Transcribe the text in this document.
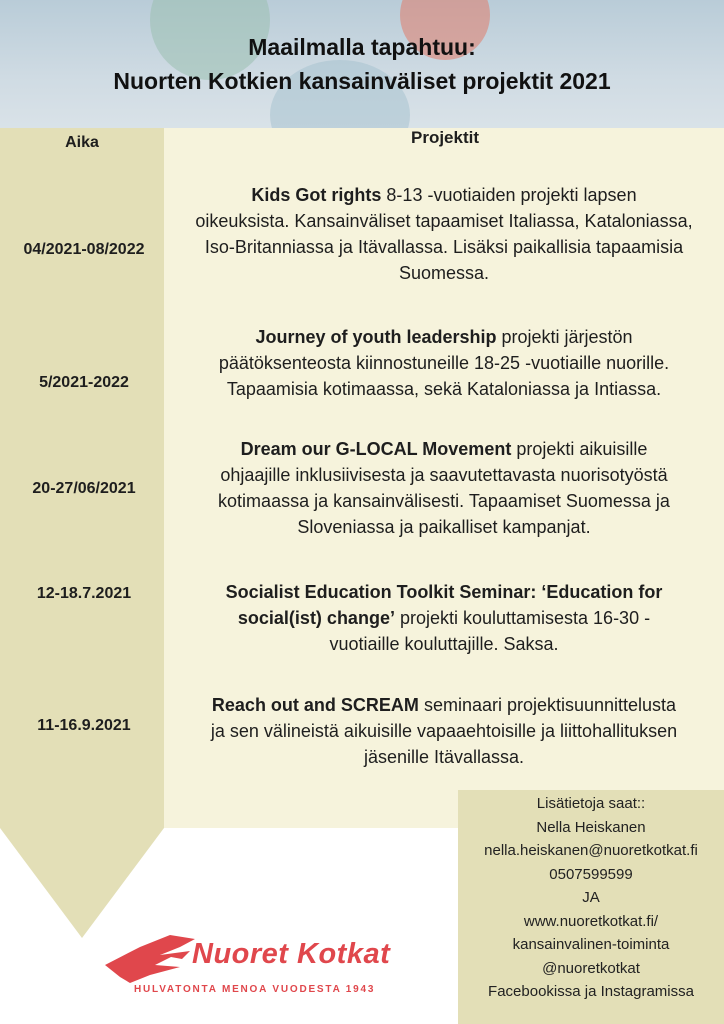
Maailmalla tapahtuu:
Nuorten Kotkien kansainväliset projektit 2021
Aika	Projektit
04/2021-08/2022
Kids Got rights 8-13 -vuotiaiden projekti lapsen
oikeuksista. Kansainväliset tapaamiset Italiassa, Kataloniassa,
Iso-Britanniassa ja Itävallassa. Lisäksi paikallisia tapaamisia
Suomessa.
5/2021-2022
Journey of youth leadership projekti järjestön
päätöksenteosta kiinnostuneille 18-25 -vuotiaille nuorille.
Tapaamisia kotimaassa, sekä Kataloniassa ja Intiassa.
20-27/06/2021
Dream our G-LOCAL Movement projekti aikuisille
ohjaajille inklusiivisesta ja saavutettavasta nuorisotyöstä
kotimaassa ja kansainvälisesti. Tapaamiset Suomessa ja
Sloveniassa ja paikalliset kampanjat.
12-18.7.2021	Socialist Education Toolkit Seminar: ‘Education for
social(ist) change’ projekti kouluttamisesta 16-30 -
vuotiaille kouluttajille. Saksa.
11-16.9.2021
Reach out and SCREAM seminaari projektisuunnittelusta
ja sen välineistä aikuisille vapaaehtoisille ja liittohallituksen
jäsenille Itävallassa.
Lisätietoja saat::
Nella Heiskanen
nella.heiskanen@nuoretkotkat.fi
0507599599
JA
www.nuoretkotkat.fi/
kansainvalinen-toiminta
@nuoretkotkat
Facebookissa ja Instagramissa
Nuoret Kotkat
HULVATONTA MENOA VUODESTA 1943
